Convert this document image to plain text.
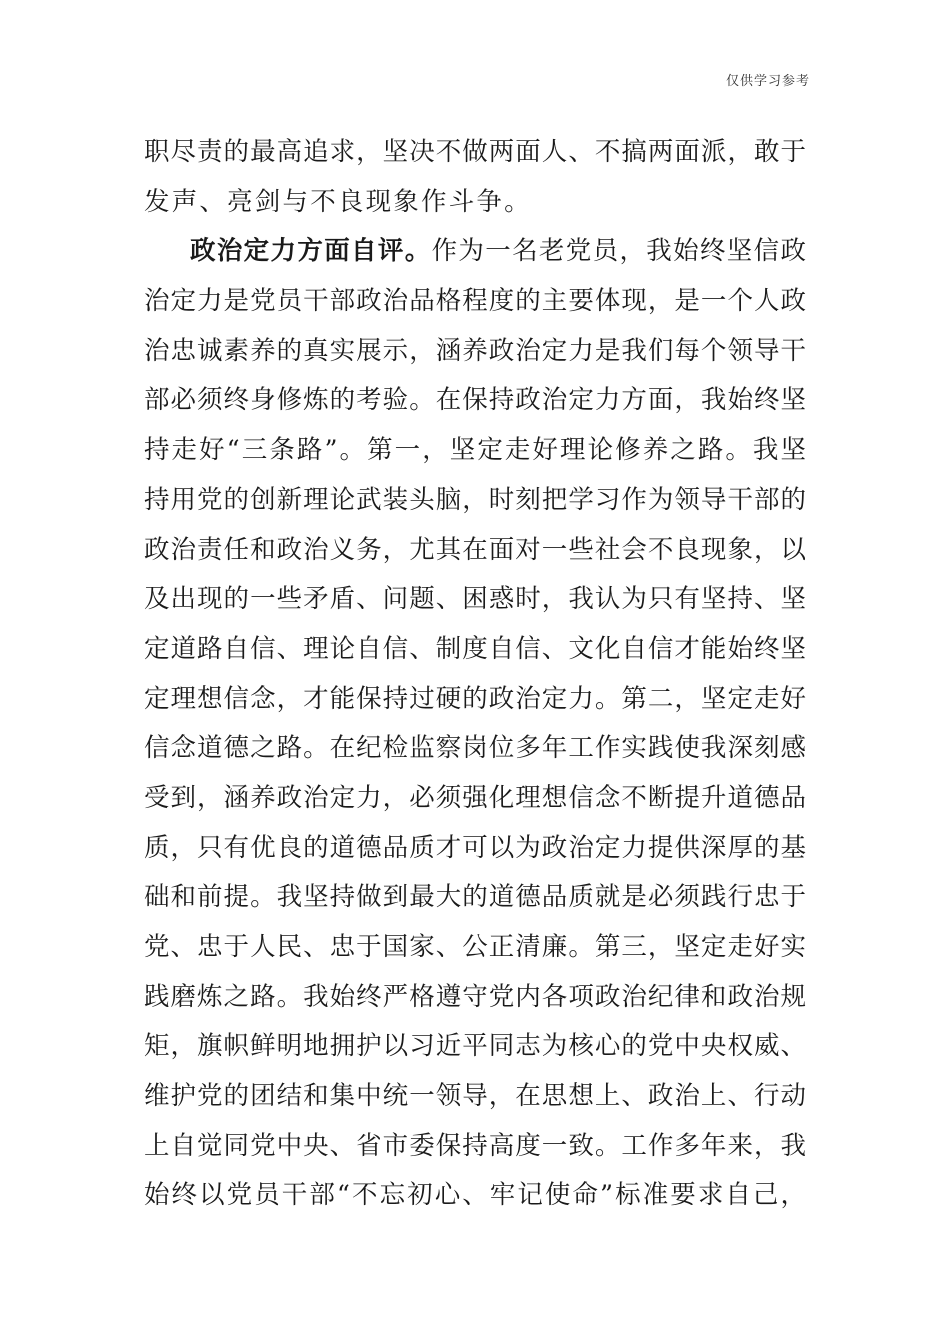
仅供学习参考
职尽责的最高追求，坚决不做两面人、不搞两面派，敢于
发声、亮剑与不良现象作斗争。
政治定力方面自评。作为一名老党员，我始终坚信政
治定力是党员干部政治品格程度的主要体现，是一个人政
治忠诚素养的真实展示，涵养政治定力是我们每个领导干
部必须终身修炼的考验。在保持政治定力方面，我始终坚
持走好“三条路”。第一，坚定走好理论修养之路。我坚
持用党的创新理论武装头脑，时刻把学习作为领导干部的
政治责任和政治义务，尤其在面对一些社会不良现象，以
及出现的一些矛盾、问题、困惑时，我认为只有坚持、坚
定道路自信、理论自信、制度自信、文化自信才能始终坚
定理想信念，才能保持过硬的政治定力。第二，坚定走好
信念道德之路。在纪检监察岗位多年工作实践使我深刻感
受到，涵养政治定力，必须强化理想信念不断提升道德品
质，只有优良的道德品质才可以为政治定力提供深厚的基
础和前提。我坚持做到最大的道德品质就是必须践行忠于
党、忠于人民、忠于国家、公正清廉。第三，坚定走好实
践磨炼之路。我始终严格遵守党内各项政治纪律和政治规
矩，旗帜鲜明地拥护以习近平同志为核心的党中央权威、
维护党的团结和集中统一领导，在思想上、政治上、行动
上自觉同党中央、省市委保持高度一致。工作多年来，我
始终以党员干部“不忘初心、牢记使命”标准要求自己，
